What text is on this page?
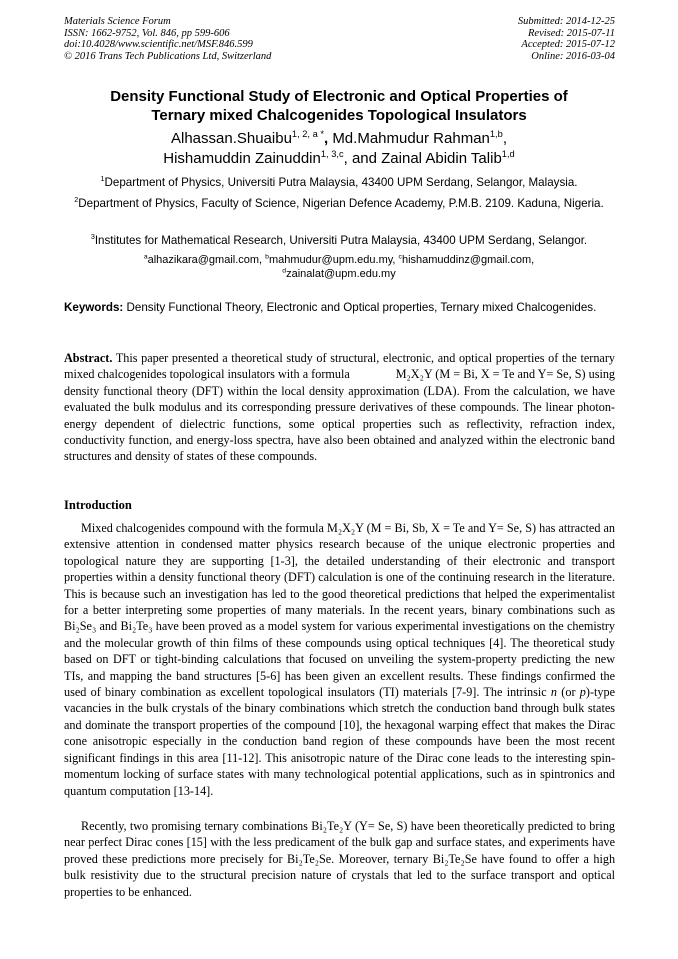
Materials Science Forum
ISSN: 1662-9752, Vol. 846, pp 599-606
doi:10.4028/www.scientific.net/MSF.846.599
© 2016 Trans Tech Publications Ltd, Switzerland
Submitted: 2014-12-25
Revised: 2015-07-11
Accepted: 2015-07-12
Online: 2016-03-04
Density Functional Study of Electronic and Optical Properties of
Ternary mixed Chalcogenides Topological Insulators
Alhassan.Shuaibu$^{1, 2, a *}$, Md.Mahmudur Rahman$^{1,b}$,
Hishamuddin Zainuddin$^{1, 3,c}$, and Zainal Abidin Talib$^{1,d}$
$^1$Department of Physics, Universiti Putra Malaysia, 43400 UPM Serdang, Selangor, Malaysia.
$^2$Department of Physics, Faculty of Science, Nigerian Defence Academy, P.M.B. 2109. Kaduna, Nigeria.
$^3$Institutes for Mathematical Research, Universiti Putra Malaysia, 43400 UPM Serdang, Selangor.
$^a$alhazikara@gmail.com, $^b$mahmudur@upm.edu.my, $^c$hishamuddinz@gmail.com,
$^d$zainalat@upm.edu.my
Keywords: Density Functional Theory, Electronic and Optical properties, Ternary mixed Chalcogenides.
Abstract. This paper presented a theoretical study of structural, electronic, and optical properties of the ternary mixed chalcogenides topological insulators with a formula	M₂X₂Y (M = Bi, X = Te and Y= Se, S) using density functional theory (DFT) within the local density approximation (LDA). From the calculation, we have evaluated the bulk modulus and its corresponding pressure derivatives of these compounds. The linear photon-energy dependent of dielectric functions, some optical properties such as reflectivity, refraction index, conductivity function, and energy-loss spectra, have also been obtained and analyzed within the electronic band structures and density of states of these compounds.
Introduction
Mixed chalcogenides compound with the formula M₂X₂Y (M = Bi, Sb, X = Te and Y= Se, S) has attracted an extensive attention in condensed matter physics research because of the unique electronic properties and topological nature they are supporting [1-3], the detailed understanding of their electronic and transport properties within a density functional theory (DFT) calculation is one of the continuing research in the literature. This is because such an investigation has led to the good theoretical predictions that helped the experimentalist for a better interpreting some properties of many materials. In the recent years, binary combinations such as Bi₂Se₃ and Bi₂Te₃ have been proved as a model system for various experimental investigations on the chemistry and the molecular growth of thin films of these compounds using optical techniques [4]. The theoretical study based on DFT or tight-binding calculations that focused on unveiling the system-property predicting the new TIs, and mapping the band structures [5-6] has been given an excellent results. These findings confirmed the used of binary combination as excellent topological insulators (TI) materials [7-9]. The intrinsic n (or p)-type vacancies in the bulk crystals of the binary combinations which stretch the conduction band through bulk states and dominate the transport properties of the compound [10], the hexagonal warping effect that makes the Dirac cone anisotropic especially in the conduction band region of these compounds have been the most recent significant findings in this area [11-12]. This anisotropic nature of the Dirac cone leads to the interesting spin-momentum locking of surface states with many technological potential applications, such as in spintronics and quantum computation [13-14].
Recently, two promising ternary combinations Bi₂Te₂Y (Y= Se, S) have been theoretically predicted to bring near perfect Dirac cones [15] with the less predicament of the bulk gap and surface states, and experiments have proved these predictions more precisely for Bi₂Te₂Se. Moreover, ternary Bi₂Te₂Se have found to offer a high bulk resistivity due to the structural precision nature of crystals that led to the surface transport and optical properties to be enhanced.
